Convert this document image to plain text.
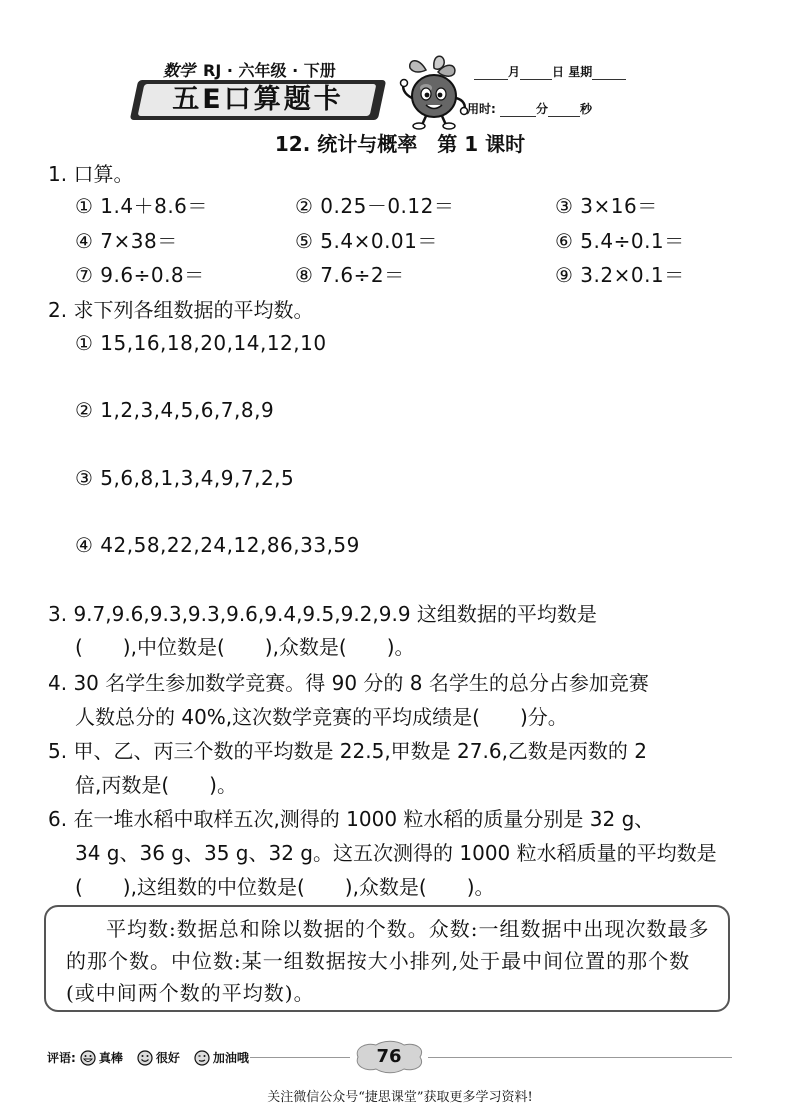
数学 RJ · 六年级 · 下册
五E口算题卡
月	日 星期
用时:	分	秒
12. 统计与概率　第 1 课时
1. 口算。
① 1.4＋8.6＝	② 0.25－0.12＝	③ 3×16＝
④ 7×38＝	⑤ 5.4×0.01＝	⑥ 5.4÷0.1＝
⑦ 9.6÷0.8＝	⑧ 7.6÷2＝	⑨ 3.2×0.1＝
2. 求下列各组数据的平均数。
① 15,16,18,20,14,12,10
② 1,2,3,4,5,6,7,8,9
③ 5,6,8,1,3,4,9,7,2,5
④ 42,58,22,24,12,86,33,59
3. 9.7,9.6,9.3,9.3,9.6,9.4,9.5,9.2,9.9 这组数据的平均数是
(　　),中位数是(　　),众数是(　　)。
4. 30 名学生参加数学竞赛。得 90 分的 8 名学生的总分占参加竞赛
人数总分的 40%,这次数学竞赛的平均成绩是(　　)分。
5. 甲、乙、丙三个数的平均数是 22.5,甲数是 27.6,乙数是丙数的 2
倍,丙数是(　　)。
6. 在一堆水稻中取样五次,测得的 1000 粒水稻的质量分别是 32 g、
34 g、36 g、35 g、32 g。这五次测得的 1000 粒水稻质量的平均数是
(　　),这组数的中位数是(　　),众数是(　　)。
平均数:数据总和除以数据的个数。众数:一组数据中出现次数最多的那个数。中位数:某一组数据按大小排列,处于最中间位置的那个数(或中间两个数的平均数)。
评语: 真棒	很好	加油哦	76
关注微信公众号“捷思课堂”获取更多学习资料!
